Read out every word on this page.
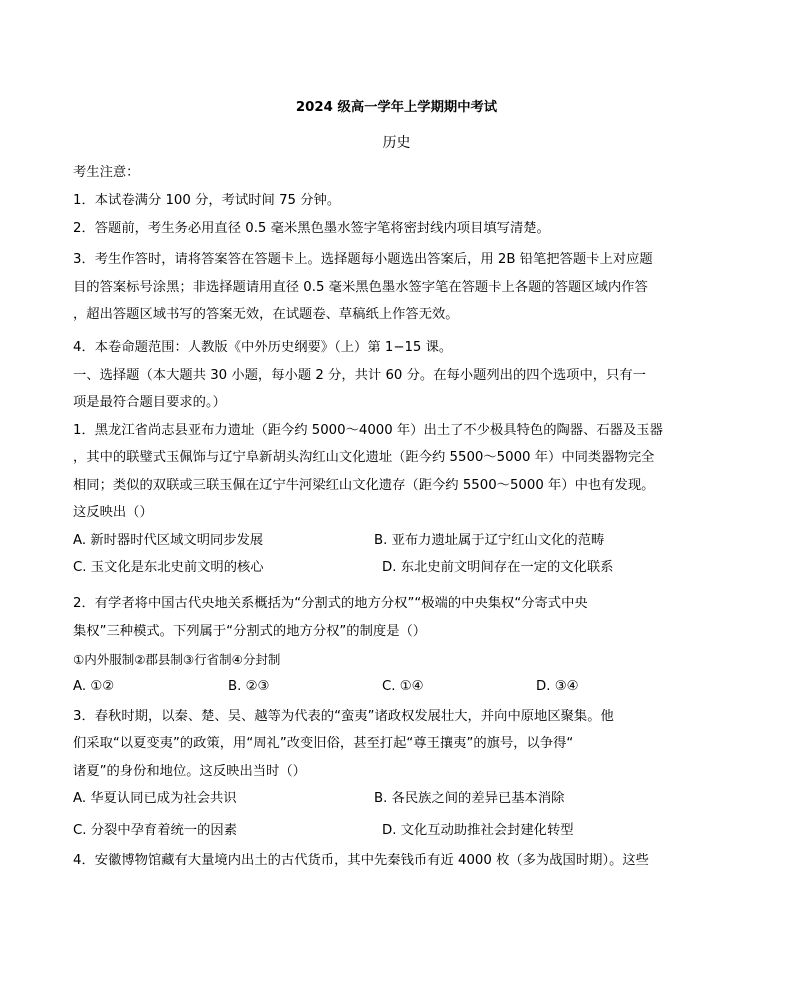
2024 级高一学年上学期期中考试
历史
考生注意：
1．本试卷满分 100 分，考试时间 75 分钟。
2．答题前，考生务必用直径 0.5 毫米黑色墨水签字笔将密封线内项目填写清楚。
3．考生作答时，请将答案答在答题卡上。选择题每小题选出答案后，用 2B 铅笔把答题卡上对应题
目的答案标号涂黑；非选择题请用直径 0.5 毫米黑色墨水签字笔在答题卡上各题的答题区域内作答
，超出答题区域书写的答案无效，在试题卷、草稿纸上作答无效。
4．本卷命题范围：人教版《中外历史纲要》（上）第 1−15 课。
一、选择题（本大题共 30 小题，每小题 2 分，共计 60 分。在每小题列出的四个选项中，只有一
项是最符合题目要求的。）
1．黑龙江省尚志县亚布力遗址（距今约 5000～4000 年）出土了不少极具特色的陶器、石器及玉器
，其中的联璧式玉佩饰与辽宁阜新胡头沟红山文化遗址（距今约 5500～5000 年）中同类器物完全
相同；类似的双联或三联玉佩在辽宁牛河梁红山文化遗存（距今约 5500～5000 年）中也有发现。
这反映出（）
A. 新时器时代区域文明同步发展	B. 亚布力遗址属于辽宁红山文化的范畴
C. 玉文化是东北史前文明的核心	D. 东北史前文明间存在一定的文化联系
2．有学者将中国古代央地关系概括为“分割式的地方分权”“极端的中央集权“分寄式中央
集权”三种模式。下列属于“分割式的地方分权”的制度是（）
①内外服制②郡县制③行省制④分封制
A. ①②	B. ②③	C. ①④	D. ③④
3．春秋时期，以秦、楚、吴、越等为代表的“蛮夷”诸政权发展壮大，并向中原地区聚集。他
们采取“以夏变夷”的政策，用“周礼”改变旧俗，甚至打起“尊王攘夷”的旗号，以争得“
诸夏”的身份和地位。这反映出当时（）
A. 华夏认同已成为社会共识	B. 各民族之间的差异已基本消除
C. 分裂中孕育着统一的因素	D. 文化互动助推社会封建化转型
4．安徽博物馆藏有大量境内出土的古代货币，其中先秦钱币有近 4000 枚（多为战国时期）。这些
